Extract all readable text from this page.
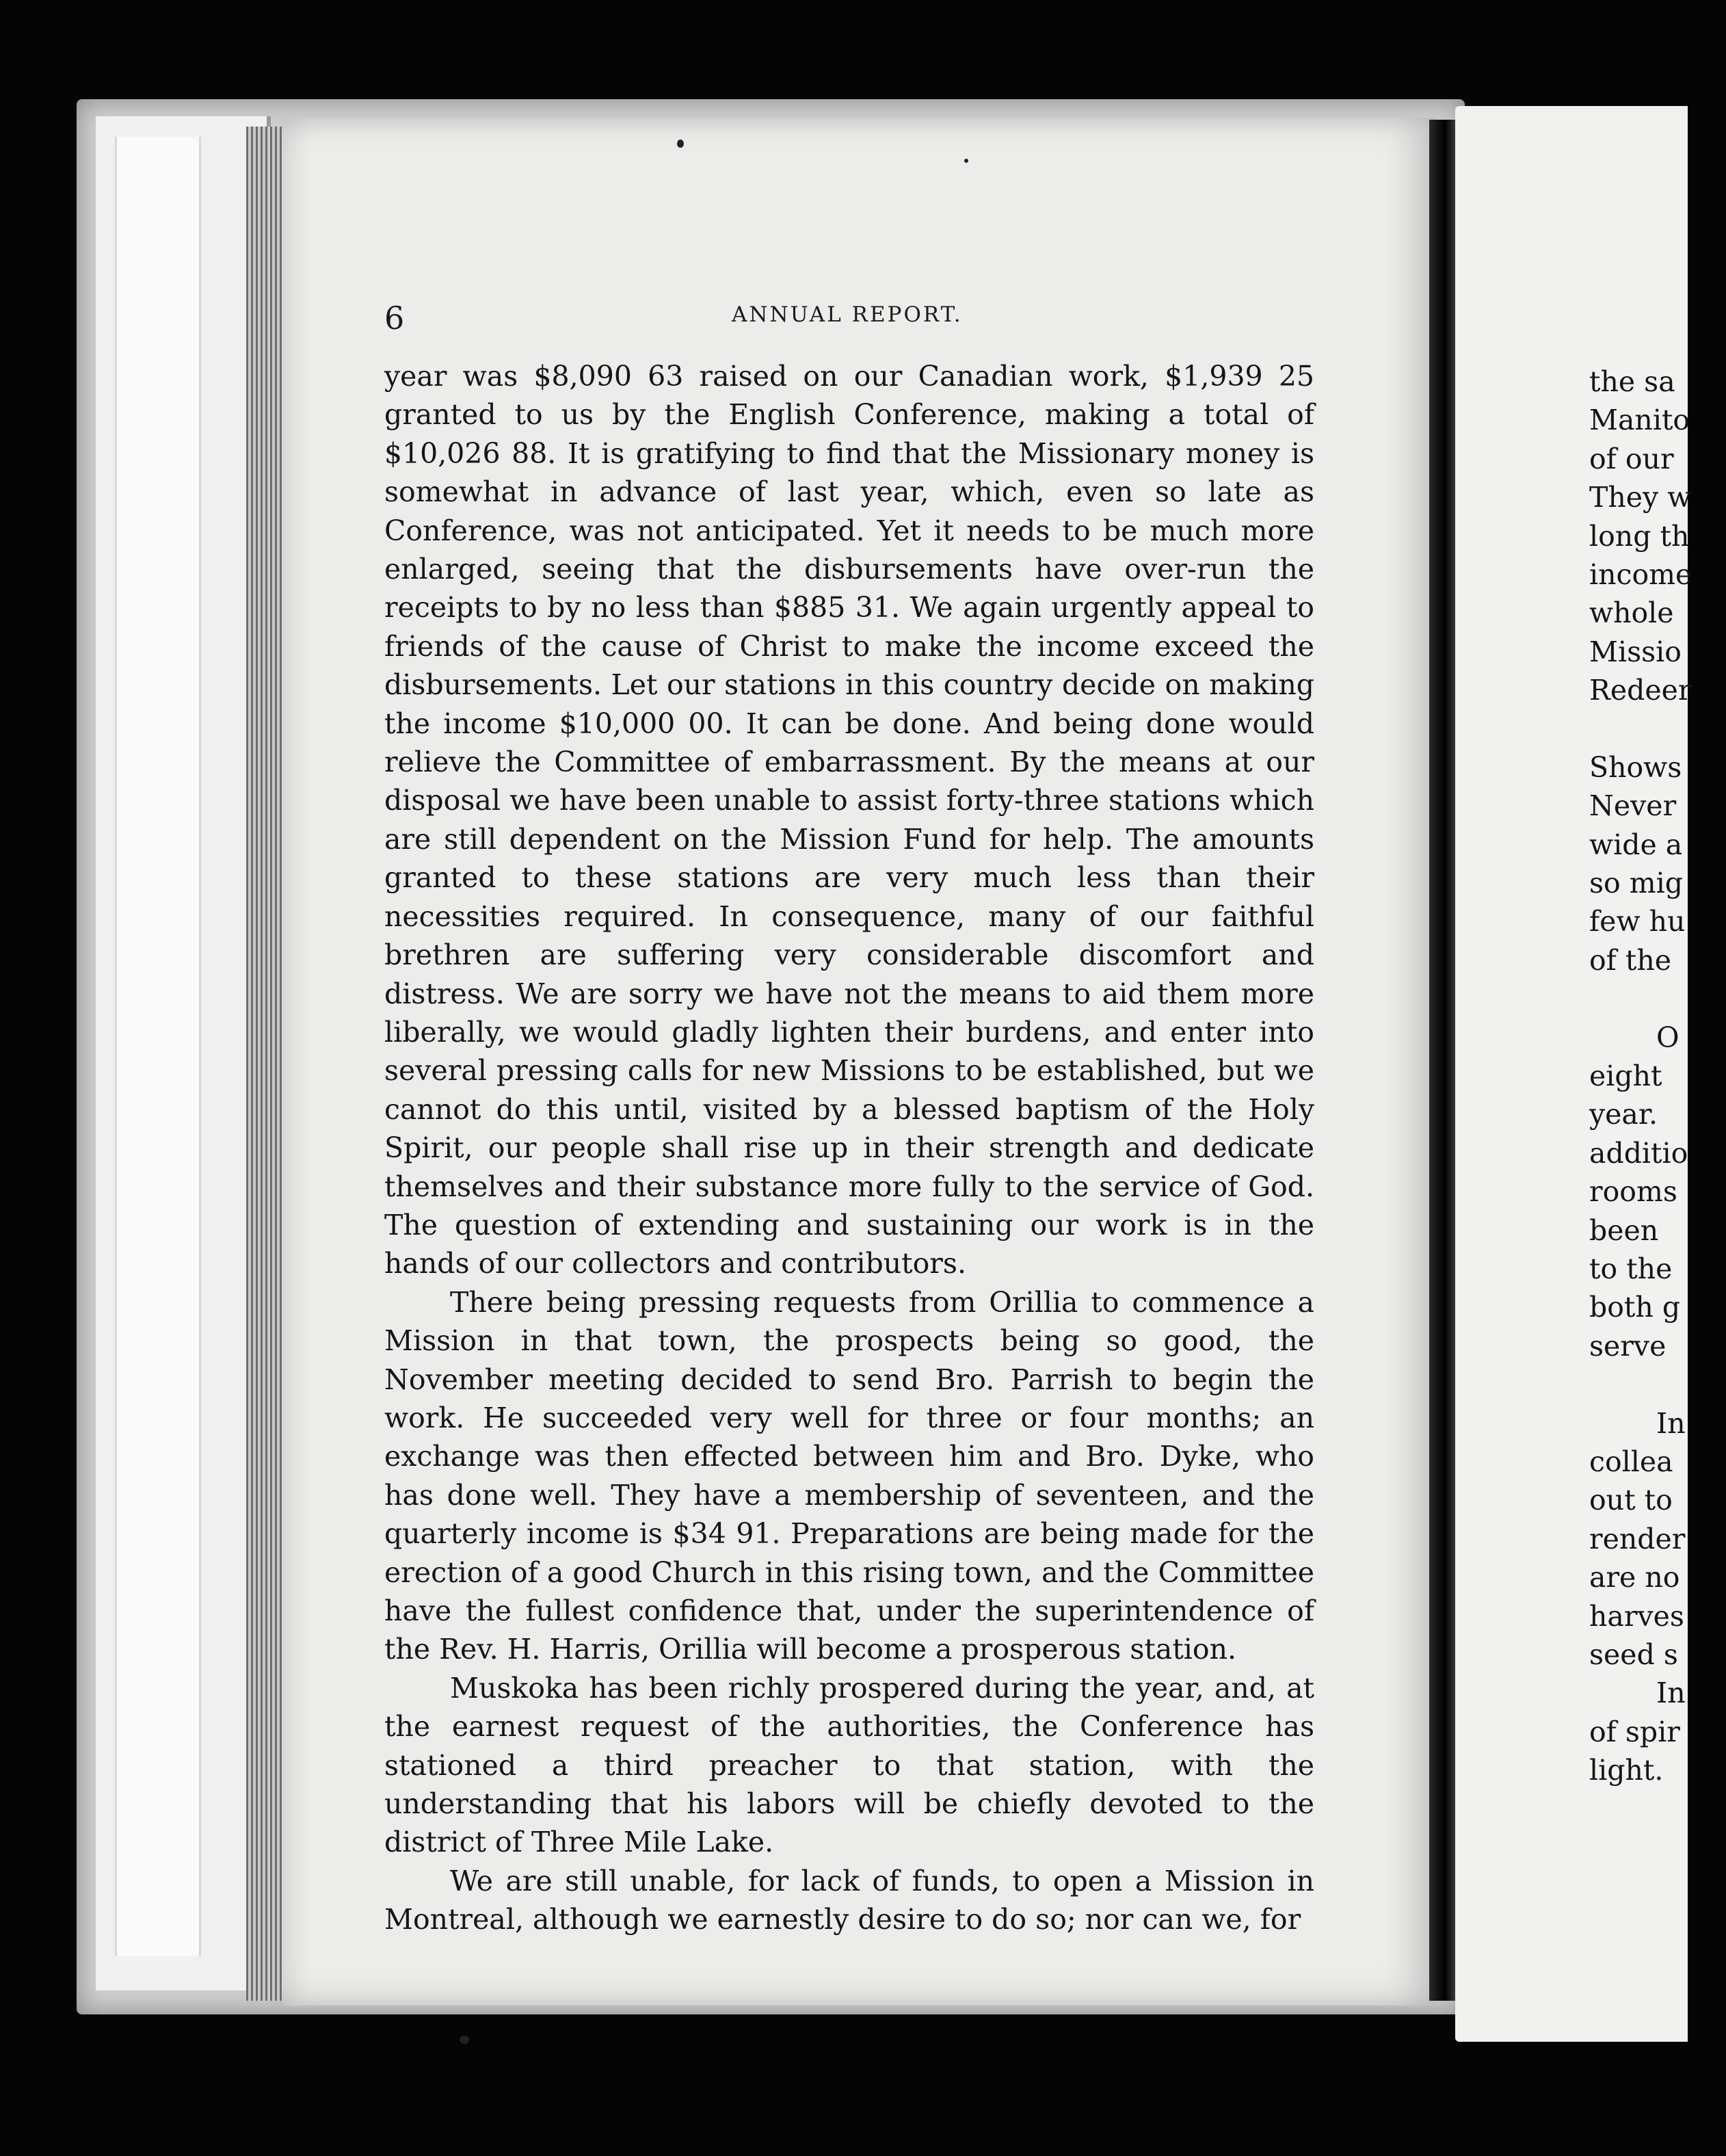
6	ANNUAL REPORT.

year was $8,090 63 raised on our Canadian work, $1,939 25 granted to us by the English Conference, making a total of $10,026 88. It is gratifying to find that the Missionary money is somewhat in advance of last year, which, even so late as Conference, was not anticipated. Yet it needs to be much more enlarged, seeing that the disbursements have over-run the receipts to by no less than $885 31. We again urgently appeal to friends of the cause of Christ to make the income exceed the disbursements. Let our stations in this country decide on making the income $10,000 00. It can be done. And being done would relieve the Committee of embarrassment. By the means at our disposal we have been unable to assist forty-three stations which are still dependent on the Mission Fund for help. The amounts granted to these stations are very much less than their necessities required. In consequence, many of our faithful brethren are suffering very considerable discomfort and distress. We are sorry we have not the means to aid them more liberally, we would gladly lighten their burdens, and enter into several pressing calls for new Missions to be established, but we cannot do this until, visited by a blessed baptism of the Holy Spirit, our people shall rise up in their strength and dedicate themselves and their substance more fully to the service of God. The question of extending and sustaining our work is in the hands of our collectors and contributors.

There being pressing requests from Orillia to commence a Mission in that town, the prospects being so good, the November meeting decided to send Bro. Parrish to begin the work. He succeeded very well for three or four months; an exchange was then effected between him and Bro. Dyke, who has done well. They have a membership of seventeen, and the quarterly income is $34 91. Preparations are being made for the erection of a good Church in this rising town, and the Committee have the fullest confidence that, under the superintendence of the Rev. H. Harris, Orillia will become a prosperous station.

Muskoka has been richly prospered during the year, and, at the earnest request of the authorities, the Conference has stationed a third preacher to that station, with the understanding that his labors will be chiefly devoted to the district of Three Mile Lake.

We are still unable, for lack of funds, to open a Mission in Montreal, although we earnestly desire to do so; nor can we, for

the sa
Manito
of our
They w
long th
income
whole
Missio
Redeer
Shows
Never
wide a
so mig
few hu
of the
O
eight
year.
additio
rooms
been
to the
both g
serve
In
collea
out to
render
are no
harves
seed s
In
of spir
light.
